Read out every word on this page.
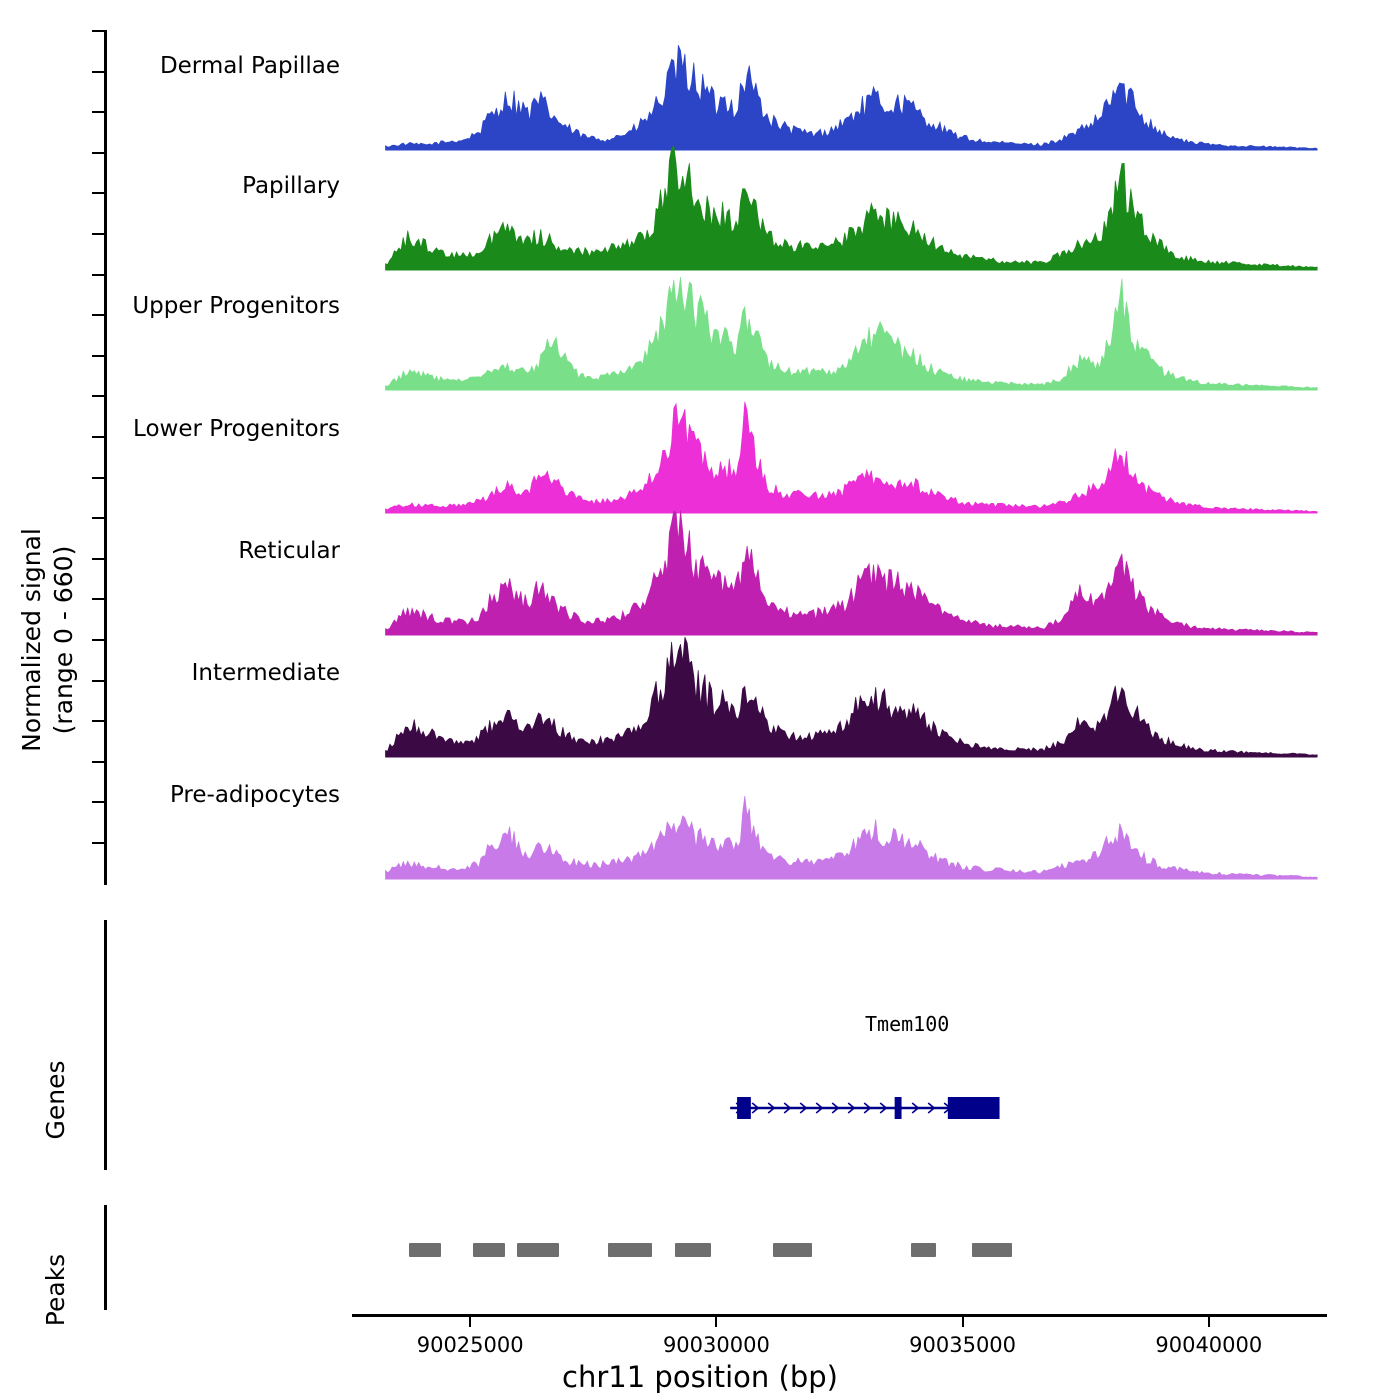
Normalized signal (range 0 - 660)
Genes
Peaks
Dermal Papillae
Papillary
Upper Progenitors
Lower Progenitors
Reticular
Intermediate
Pre-adipocytes
Tmem100
90025000	90030000	90035000	90040000
chr11 position (bp)
